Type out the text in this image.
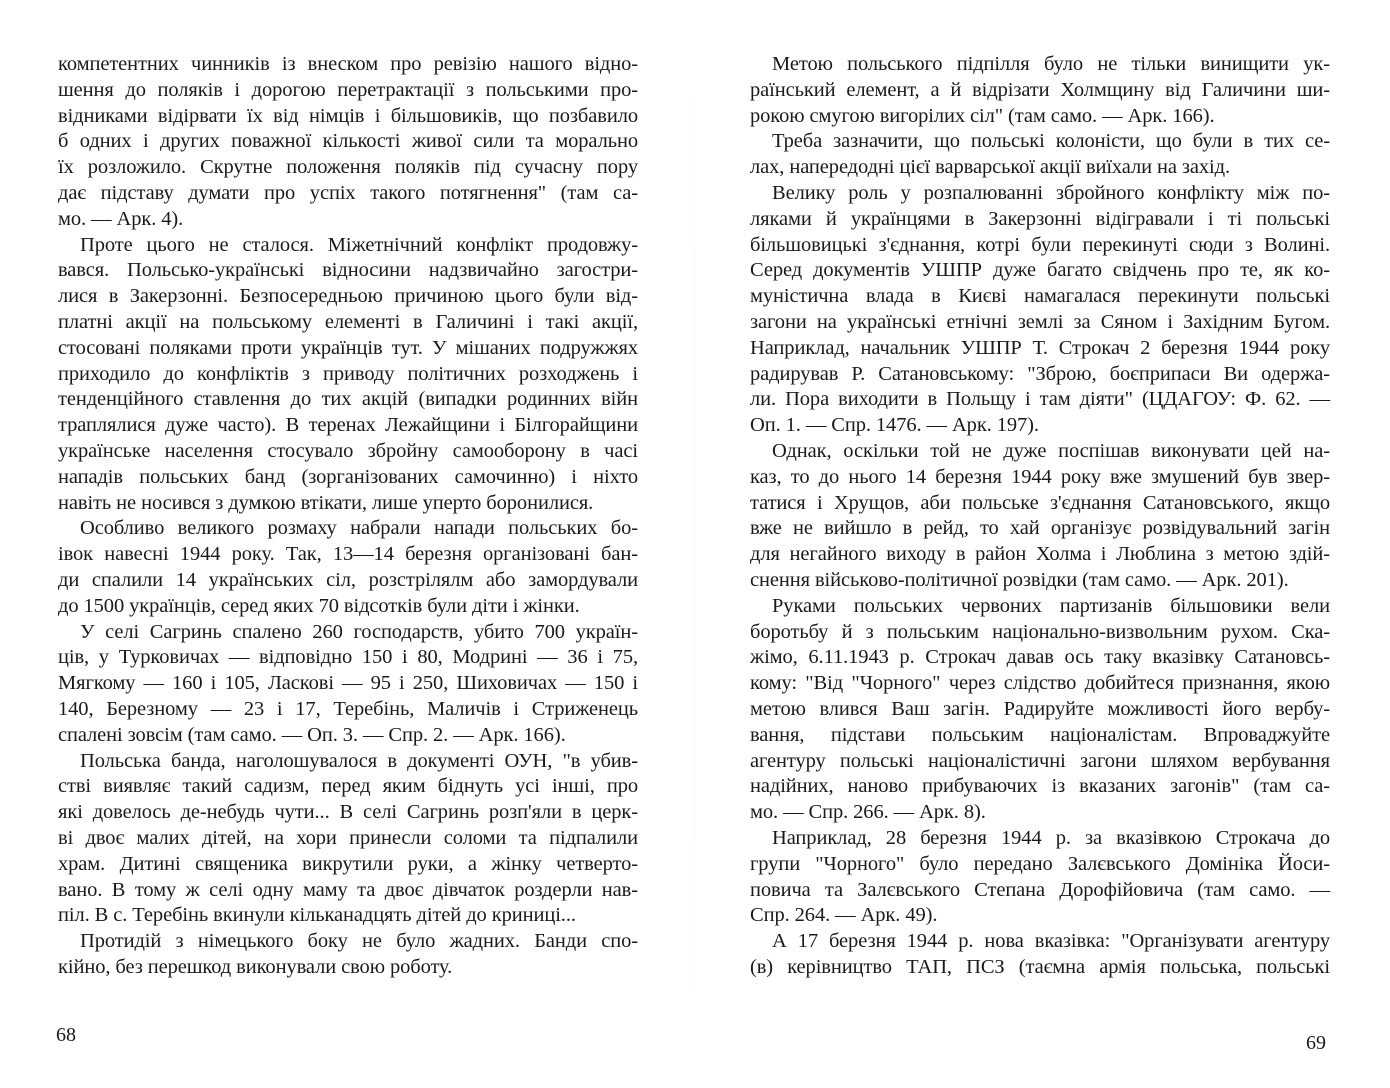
компетентних чинників із внеском про ревізію нашого відно-
шення до поляків і дорогою перетрактації з польськими про-
відниками відірвати їх від німців і більшовиків, що позбавило
б одних і других поважної кількості живої сили та морально
їх розложило. Скрутне положення поляків під сучасну пору
дає підставу думати про успіх такого потягнення" (там са-
мо. — Арк. 4).
Проте цього не сталося. Міжетнічний конфлікт продовжу-
вався. Польсько-українські відносини надзвичайно загостри-
лися в Закерзонні. Безпосередньою причиною цього були від-
платні акції на польському елементі в Галичині і такі акції,
стосовані поляками проти українців тут. У мішаних подружжях
приходило до конфліктів з приводу політичних розходжень і
тенденційного ставлення до тих акцій (випадки родинних війн
траплялися дуже часто). В теренах Лежайщини і Білгорайщини
українське населення стосувало збройну самооборону в часі
нападів польських банд (зорганізованих самочинно) і ніхто
навіть не носився з думкою втікати, лише уперто боронилися.
Особливо великого розмаху набрали напади польських бо-
івок навесні 1944 року. Так, 13—14 березня організовані бан-
ди спалили 14 українських сіл, розстрілялм або замордували
до 1500 українців, серед яких 70 відсотків були діти і жінки.
У селі Сагринь спалено 260 господарств, убито 700 україн-
ців, у Турковичах — відповідно 150 і 80, Модрині — 36 і 75,
Мягкому — 160 і 105, Ласкові — 95 і 250, Шиховичах — 150 і
140, Березному — 23 і 17, Теребінь, Маличів і Стриженець
спалені зовсім (там само. — Оп. 3. — Спр. 2. — Арк. 166).
Польська банда, наголошувалося в документі ОУН, "в убив-
стві виявляє такий садизм, перед яким біднуть усі інші, про
які довелось де-небудь чути... В селі Сагринь розп'яли в церк-
ві двоє малих дітей, на хори принесли соломи та підпалили
храм. Дитині священика викрутили руки, а жінку четверто-
вано. В тому ж селі одну маму та двоє дівчаток роздерли нав-
піл. В с. Теребінь вкинули кільканадцять дітей до криниці...
Протидій з німецького боку не було жадних. Банди спо-
кійно, без перешкод виконували свою роботу.
68
Метою польського підпілля було не тільки винищити ук-
раїнський елемент, а й відрізати Холмщину від Галичини ши-
рокою смугою вигорілих сіл" (там само. — Арк. 166).
Треба зазначити, що польські колоністи, що були в тих се-
лах, напередодні цієї варварської акції виїхали на захід.
Велику роль у розпалюванні збройного конфлікту між по-
ляками й українцями в Закерзонні відігравали і ті польські
більшовицькі з'єднання, котрі були перекинуті сюди з Волині.
Серед документів УШПР дуже багато свідчень про те, як ко-
муністична влада в Києві намагалася перекинути польські
загони на українські етнічні землі за Сяном і Західним Бугом.
Наприклад, начальник УШПР Т. Строкач 2 березня 1944 року
радирував Р. Сатановському: "Зброю, боєприпаси Ви одержа-
ли. Пора виходити в Польщу і там діяти" (ЦДАГОУ: Ф. 62. —
Оп. 1. — Спр. 1476. — Арк. 197).
Однак, оскільки той не дуже поспішав виконувати цей на-
каз, то до нього 14 березня 1944 року вже змушений був звер-
татися і Хрущов, аби польське з'єднання Сатановського, якщо
вже не вийшло в рейд, то хай організує розвідувальний загін
для негайного виходу в район Холма і Люблина з метою здій-
снення військово-політичної розвідки (там само. — Арк. 201).
Руками польських червоних партизанів більшовики вели
боротьбу й з польським національно-визвольним рухом. Ска-
жімо, 6.11.1943 р. Строкач давав ось таку вказівку Сатановсь-
кому: "Від "Чорного" через слідство добийтеся признання, якою
метою влився Ваш загін. Радируйте можливості його вербу-
вання, підстави польським націоналістам. Впроваджуйте
агентуру польські націоналістичні загони шляхом вербування
надійних, наново прибуваючих із вказаних загонів" (там са-
мо. — Спр. 266. — Арк. 8).
Наприклад, 28 березня 1944 р. за вказівкою Строкача до
групи "Чорного" було передано Залєвського Домініка Йоси-
повича та Залєвського Степана Дорофійовича (там само. —
Спр. 264. — Арк. 49).
А 17 березня 1944 р. нова вказівка: "Організувати агентуру
(в) керівництво ТАП, ПСЗ (таємна армія польська, польські
69
